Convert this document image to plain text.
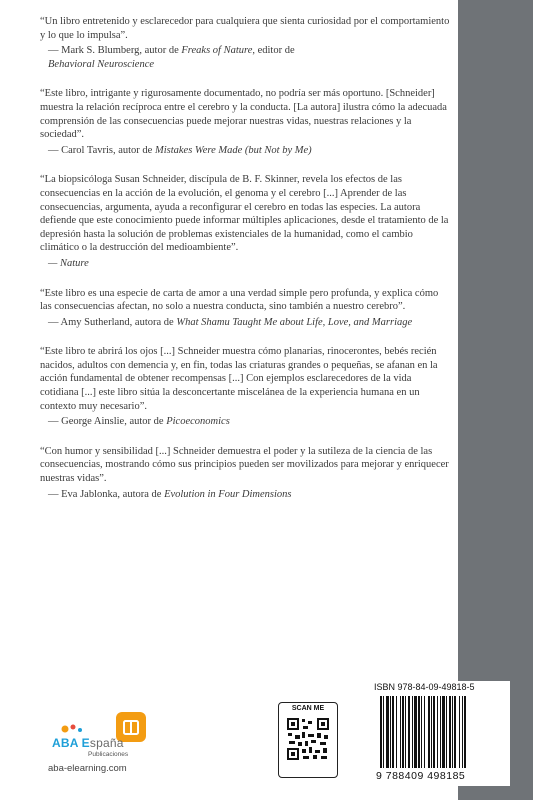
“Un libro entretenido y esclarecedor para cualquiera que sienta curiosidad por el comportamiento y lo que lo impulsa”.

— Mark S. Blumberg, autor de Freaks of Nature, editor de
Behavioral Neuroscience

“Este libro, intrigante y rigurosamente documentado, no podría ser más oportuno. [Schneider] muestra la relación recíproca entre el cerebro y la conducta. [La autora] ilustra cómo la adecuada comprensión de las consecuencias puede mejorar nuestras vidas, nuestras relaciones y la sociedad”.

— Carol Tavris, autor de Mistakes Were Made (but Not by Me)

“La biopsicóloga Susan Schneider, discípula de B. F. Skinner, revela los efectos de las consecuencias en la acción de la evolución, el genoma y el cerebro [...] Aprender de las consecuencias, argumenta, ayuda a reconfigurar el cerebro en todas las especies. La autora defiende que este conocimiento puede informar múltiples aplicaciones, desde el tratamiento de la depresión hasta la solución de problemas existenciales de la humanidad, como el cambio climático o la destrucción del medioambiente”.

— Nature

“Este libro es una especie de carta de amor a una verdad simple pero profunda, y explica cómo las consecuencias afectan, no solo a nuestra conducta, sino también a nuestro cerebro”.

— Amy Sutherland, autora de What Shamu Taught Me about Life, Love, and Marriage

“Este libro te abrirá los ojos [...] Schneider muestra cómo planarias, rinocerontes, bebés recién nacidos, adultos con demencia y, en fin, todas las criaturas grandes o pequeñas, se afanan en la acción fundamental de obtener recompensas [...] Con ejemplos esclarecedores de la vida cotidiana [...] este libro sitúa la desconcertante miscelánea de la experiencia humana en un contexto muy necesario”.

— George Ainslie, autor de Picoeconomics

“Con humor y sensibilidad [...] Schneider demuestra el poder y la sutileza de la ciencia de las consecuencias, mostrando cómo sus principios pueden ser movilizados para mejorar y enriquecer nuestras vidas”.

— Eva Jablonka, autora de Evolution in Four Dimensions

ABA España
Publicaciones
aba-elearning.com
SCAN ME
ISBN 978-84-09-49818-5
9 788409 498185
